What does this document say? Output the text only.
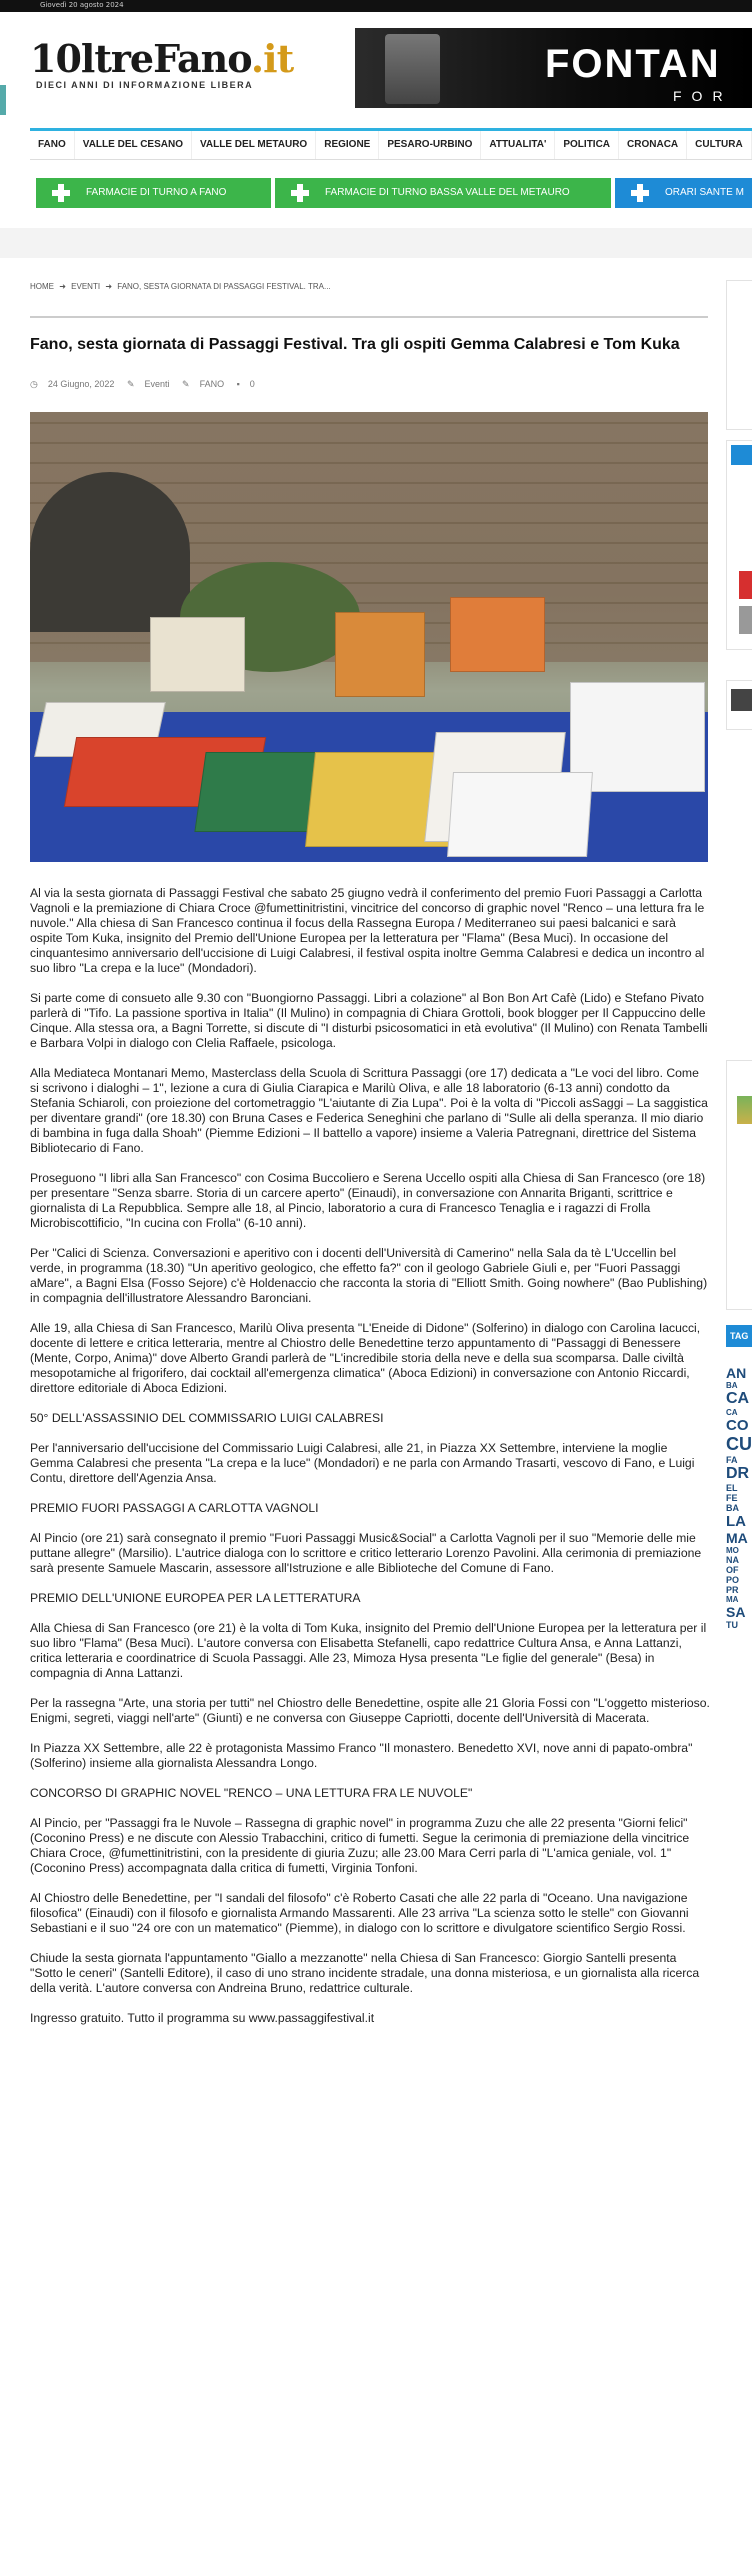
Giovedì 20 agosto 2024
10ltreFano.it
DIECI ANNI DI INFORMAZIONE LIBERA	FONTAN
FOR
FANO	VALLE DEL CESANO	VALLE DEL METAURO	REGIONE	PESARO-URBINO	ATTUALITA'	POLITICA	CRONACA	CULTURA
FARMACIE DI TURNO A FANO	FARMACIE DI TURNO BASSA VALLE DEL METAURO	ORARI SANTE M
HOME ➜ EVENTI ➜ FANO, SESTA GIORNATA DI PASSAGGI FESTIVAL. TRA...
Fano, sesta giornata di Passaggi Festival. Tra gli ospiti Gemma Calabresi e Tom Kuka
◷ 24 Giugno, 2022 ✎ Eventi ✎ FANO ▪ 0

Al via la sesta giornata di Passaggi Festival che sabato 25 giugno vedrà il conferimento del premio Fuori Passaggi a Carlotta Vagnoli e la premiazione di Chiara Croce @fumettinitristini, vincitrice del concorso di graphic novel "Renco – una lettura fra le nuvole." Alla chiesa di San Francesco continua il focus della Rassegna Europa / Mediterraneo sui paesi balcanici e sarà ospite Tom Kuka, insignito del Premio dell'Unione Europea per la letteratura per "Flama" (Besa Muci). In occasione del cinquantesimo anniversario dell'uccisione di Luigi Calabresi, il festival ospita inoltre Gemma Calabresi e dedica un incontro al suo libro "La crepa e la luce" (Mondadori).

Si parte come di consueto alle 9.30 con "Buongiorno Passaggi. Libri a colazione" al Bon Bon Art Cafè (Lido) e Stefano Pivato parlerà di "Tifo. La passione sportiva in Italia" (Il Mulino) in compagnia di Chiara Grottoli, book blogger per Il Cappuccino delle Cinque. Alla stessa ora, a Bagni Torrette, si discute di "I disturbi psicosomatici in età evolutiva" (Il Mulino) con Renata Tambelli e Barbara Volpi in dialogo con Clelia Raffaele, psicologa.

Alla Mediateca Montanari Memo, Masterclass della Scuola di Scrittura Passaggi (ore 17) dedicata a "Le voci del libro. Come si scrivono i dialoghi – 1", lezione a cura di Giulia Ciarapica e Marilù Oliva, e alle 18 laboratorio (6-13 anni) condotto da Stefania Schiaroli, con proiezione del cortometraggio "L'aiutante di Zia Lupa". Poi è la volta di "Piccoli asSaggi – La saggistica per diventare grandi" (ore 18.30) con Bruna Cases e Federica Seneghini che parlano di "Sulle ali della speranza. Il mio diario di bambina in fuga dalla Shoah" (Piemme Edizioni – Il battello a vapore) insieme a Valeria Patregnani, direttrice del Sistema Bibliotecario di Fano.

Proseguono "I libri alla San Francesco" con Cosima Buccoliero e Serena Uccello ospiti alla Chiesa di San Francesco (ore 18) per presentare "Senza sbarre. Storia di un carcere aperto" (Einaudi), in conversazione con Annarita Briganti, scrittrice e giornalista di La Repubblica. Sempre alle 18, al Pincio, laboratorio a cura di Francesco Tenaglia e i ragazzi di Frolla Microbiscottificio, "In cucina con Frolla" (6-10 anni).

Per "Calici di Scienza. Conversazioni e aperitivo con i docenti dell'Università di Camerino" nella Sala da tè L'Uccellin bel verde, in programma (18.30) "Un aperitivo geologico, che effetto fa?" con il geologo Gabriele Giuli e, per "Fuori Passaggi aMare", a Bagni Elsa (Fosso Sejore) c'è Holdenaccio che racconta la storia di "Elliott Smith. Going nowhere" (Bao Publishing) in compagnia dell'illustratore Alessandro Baronciani.

Alle 19, alla Chiesa di San Francesco, Marilù Oliva presenta "L'Eneide di Didone" (Solferino) in dialogo con Carolina Iacucci, docente di lettere e critica letteraria, mentre al Chiostro delle Benedettine terzo appuntamento di "Passaggi di Benessere (Mente, Corpo, Anima)" dove Alberto Grandi parlerà de "L'incredibile storia della neve e della sua scomparsa. Dalle civiltà mesopotamiche al frigorifero, dai cocktail all'emergenza climatica" (Aboca Edizioni) in conversazione con Antonio Riccardi, direttore editoriale di Aboca Edizioni.

50° DELL'ASSASSINIO DEL COMMISSARIO LUIGI CALABRESI

Per l'anniversario dell'uccisione del Commissario Luigi Calabresi, alle 21, in Piazza XX Settembre, interviene la moglie Gemma Calabresi che presenta "La crepa e la luce" (Mondadori) e ne parla con Armando Trasarti, vescovo di Fano, e Luigi Contu, direttore dell'Agenzia Ansa.

PREMIO FUORI PASSAGGI A CARLOTTA VAGNOLI

Al Pincio (ore 21) sarà consegnato il premio "Fuori Passaggi Music&Social" a Carlotta Vagnoli per il suo "Memorie delle mie puttane allegre" (Marsilio). L'autrice dialoga con lo scrittore e critico letterario Lorenzo Pavolini. Alla cerimonia di premiazione sarà presente Samuele Mascarin, assessore all'Istruzione e alle Biblioteche del Comune di Fano.

PREMIO DELL'UNIONE EUROPEA PER LA LETTERATURA

Alla Chiesa di San Francesco (ore 21) è la volta di Tom Kuka, insignito del Premio dell'Unione Europea per la letteratura per il suo libro "Flama" (Besa Muci). L'autore conversa con Elisabetta Stefanelli, capo redattrice Cultura Ansa, e Anna Lattanzi, critica letteraria e coordinatrice di Scuola Passaggi. Alle 23, Mimoza Hysa presenta "Le figlie del generale" (Besa) in compagnia di Anna Lattanzi.

Per la rassegna "Arte, una storia per tutti" nel Chiostro delle Benedettine, ospite alle 21 Gloria Fossi con "L'oggetto misterioso. Enigmi, segreti, viaggi nell'arte" (Giunti) e ne conversa con Giuseppe Capriotti, docente dell'Università di Macerata.

In Piazza XX Settembre, alle 22 è protagonista Massimo Franco "Il monastero. Benedetto XVI, nove anni di papato-ombra" (Solferino) insieme alla giornalista Alessandra Longo.

CONCORSO DI GRAPHIC NOVEL "RENCO – UNA LETTURA FRA LE NUVOLE"

Al Pincio, per "Passaggi fra le Nuvole – Rassegna di graphic novel" in programma Zuzu che alle 22 presenta "Giorni felici" (Coconino Press) e ne discute con Alessio Trabacchini, critico di fumetti. Segue la cerimonia di premiazione della vincitrice Chiara Croce, @fumettinitristini, con la presidente di giuria Zuzu; alle 23.00 Mara Cerri parla di "L'amica geniale, vol. 1" (Coconino Press) accompagnata dalla critica di fumetti, Virginia Tonfoni.

Al Chiostro delle Benedettine, per "I sandali del filosofo" c'è Roberto Casati che alle 22 parla di "Oceano. Una navigazione filosofica" (Einaudi) con il filosofo e giornalista Armando Massarenti. Alle 23 arriva "La scienza sotto le stelle" con Giovanni Sebastiani e il suo "24 ore con un matematico" (Piemme), in dialogo con lo scrittore e divulgatore scientifico Sergio Rossi.

Chiude la sesta giornata l'appuntamento "Giallo a mezzanotte" nella Chiesa di San Francesco: Giorgio Santelli presenta "Sotto le ceneri" (Santelli Editore), il caso di uno strano incidente stradale, una donna misteriosa, e un giornalista alla ricerca della verità. L'autore conversa con Andreina Bruno, redattrice culturale.

Ingresso gratuito. Tutto il programma su www.passaggifestival.it

TAG
AN
BA
CA
CA
CO
CU
FA
DR
EL
FE
BA
LA
MA
MO
NA
OF
PO
PR
MA
SA
TU
